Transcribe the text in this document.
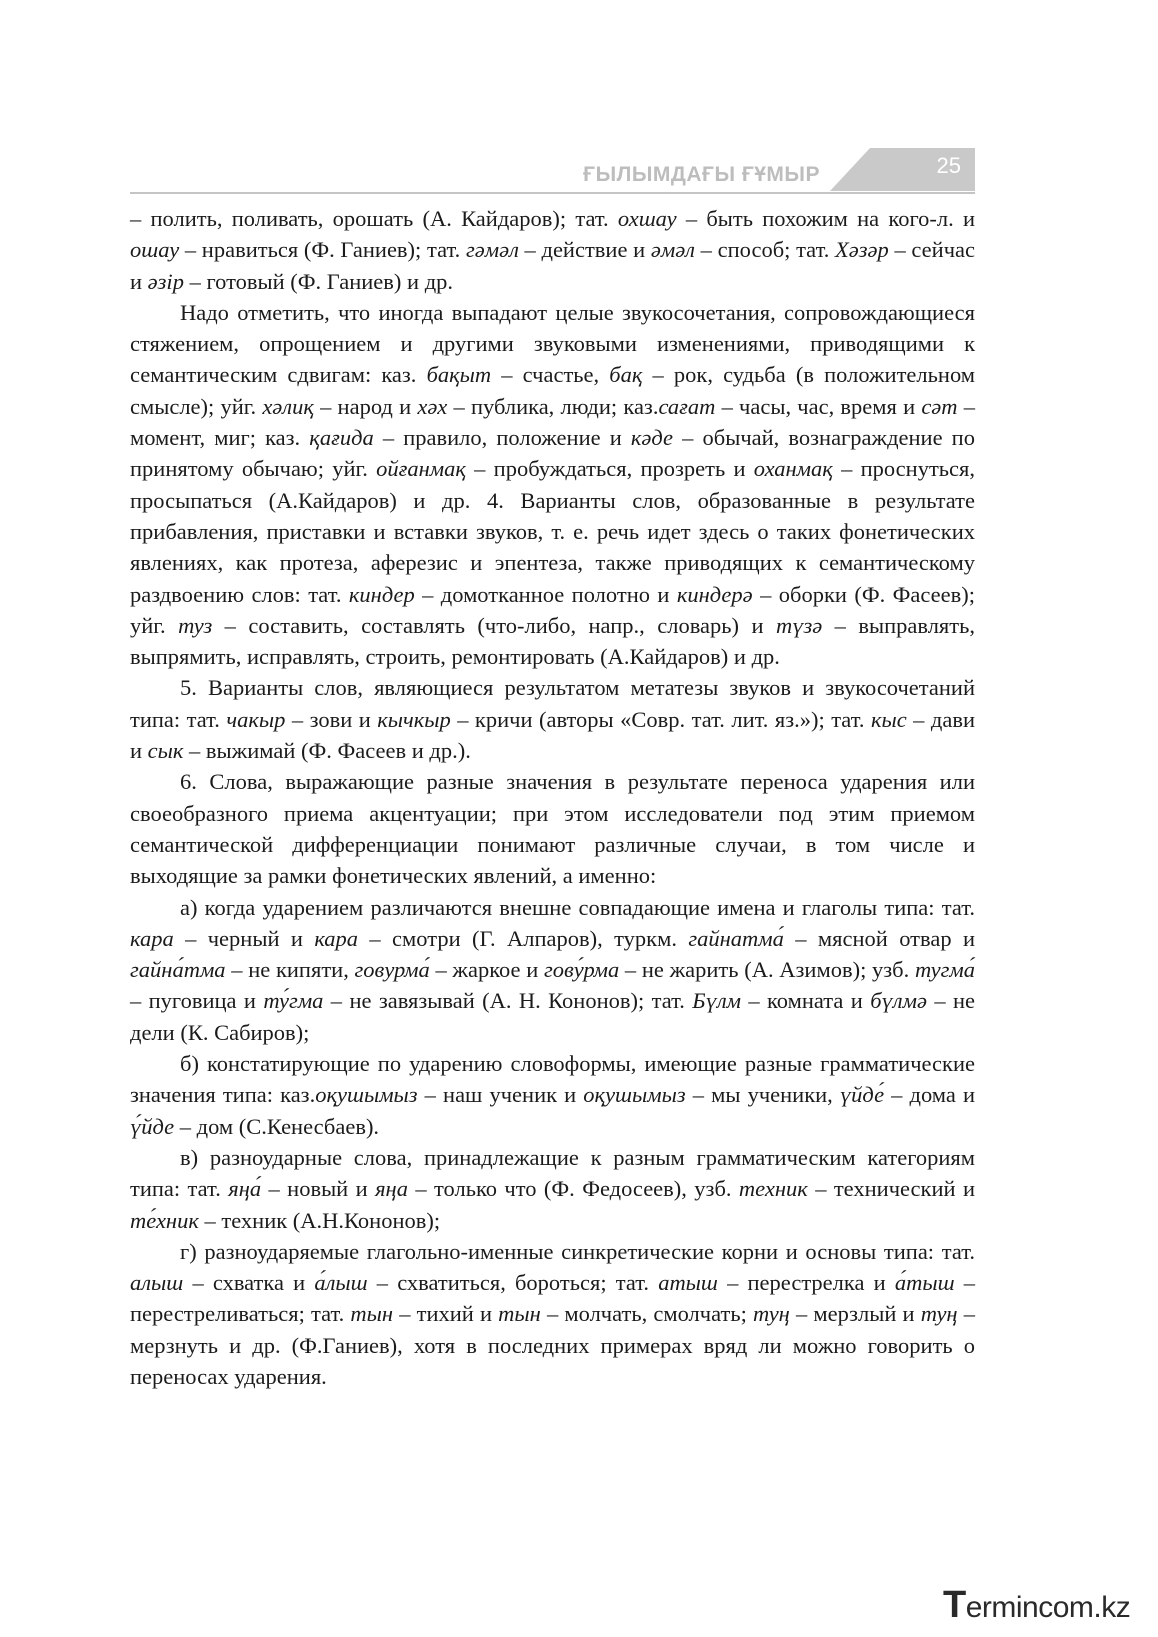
ҒЫЛЫМДАҒЫ ҒҰМЫР	25

– полить, поливать, орошать (А. Кайдаров); тат. охшау – быть похожим на кого-л. и ошау – нравиться (Ф. Ганиев); тат. гәмәл – действие и әмәл – способ; тат. Хәзәр – сейчас и әзір – готовый (Ф. Ганиев) и др.

Надо отметить, что иногда выпадают целые звукосочетания, сопровождающиеся стяжением, опрощением и другими звуковыми изменениями, приводящими к семантическим сдвигам: каз. бақыт – счастье, бақ – рок, судьба (в положительном смысле); уйг. хәлиқ – народ и хәх – публика, люди; каз.сағат – часы, час, время и сәт – момент, миг; каз. қағида – правило, положение и кәде – обычай, вознаграждение по принятому обычаю; уйг. ойғанмақ – пробуждаться, прозреть и оханмақ – проснуться, просыпаться (А.Кайдаров) и др. 4. Варианты слов, образованные в результате прибавления, приставки и вставки звуков, т. е. речь идет здесь о таких фонетических явлениях, как протеза, аферезис и эпентеза, также приводящих к семантическому раздвоению слов: тат. киндер – домотканное полотно и киндерә – оборки (Ф. Фасеев); уйг. туз – составить, составлять (что-либо, напр., словарь) и түзә – выправлять, выпрямить, исправлять, строить, ремонтировать (А.Кайдаров) и др.

5. Варианты слов, являющиеся результатом метатезы звуков и звукосочетаний типа: тат. чакыр – зови и кычкыр – кричи (авторы «Совр. тат. лит. яз.»); тат. кыс – дави и сык – выжимай (Ф. Фасеев и др.).

6. Слова, выражающие разные значения в результате переноса ударения или своеобразного приема акцентуации; при этом исследователи под этим приемом семантической дифференциации понимают различные случаи, в том числе и выходящие за рамки фонетических явлений, а именно:

а) когда ударением различаются внешне совпадающие имена и глаголы типа: тат. кара – черный и кара – смотри (Г. Алпаров), туркм. гайнатма́ – мясной отвар и гайна́тма – не кипяти, говурма́ – жаркое и гову́рма – не жарить (А. Азимов); узб. тугма́ – пуговица и ту́гма – не завязывай (А. Н. Кононов); тат. Бүлм – комната и бүлмә – не дели (К. Сабиров);

б) констатирующие по ударению словоформы, имеющие разные грамматические значения типа: каз.оқушымыз – наш ученик и оқушымыз – мы ученики, үйде́ – дома и ү́йде – дом (С.Кенесбаев).

в) разноударные слова, принадлежащие к разным грамматическим категориям типа: тат. яңа́ – новый и яңа – только что (Ф. Федосеев), узб. техник – технический и те́хник – техник (А.Н.Кононов);

г) разноударяемые глагольно-именные синкретические корни и основы типа: тат. алыш – схватка и а́лыш – схватиться, бороться; тат. атыш – перестрелка и а́тыш – перестреливаться; тат. тын – тихий и тын – молчать, смолчать; туң – мерзлый и туң – мерзнуть и др. (Ф.Ганиев), хотя в последних примерах вряд ли можно говорить о переносах ударения.

Termincom.kz
